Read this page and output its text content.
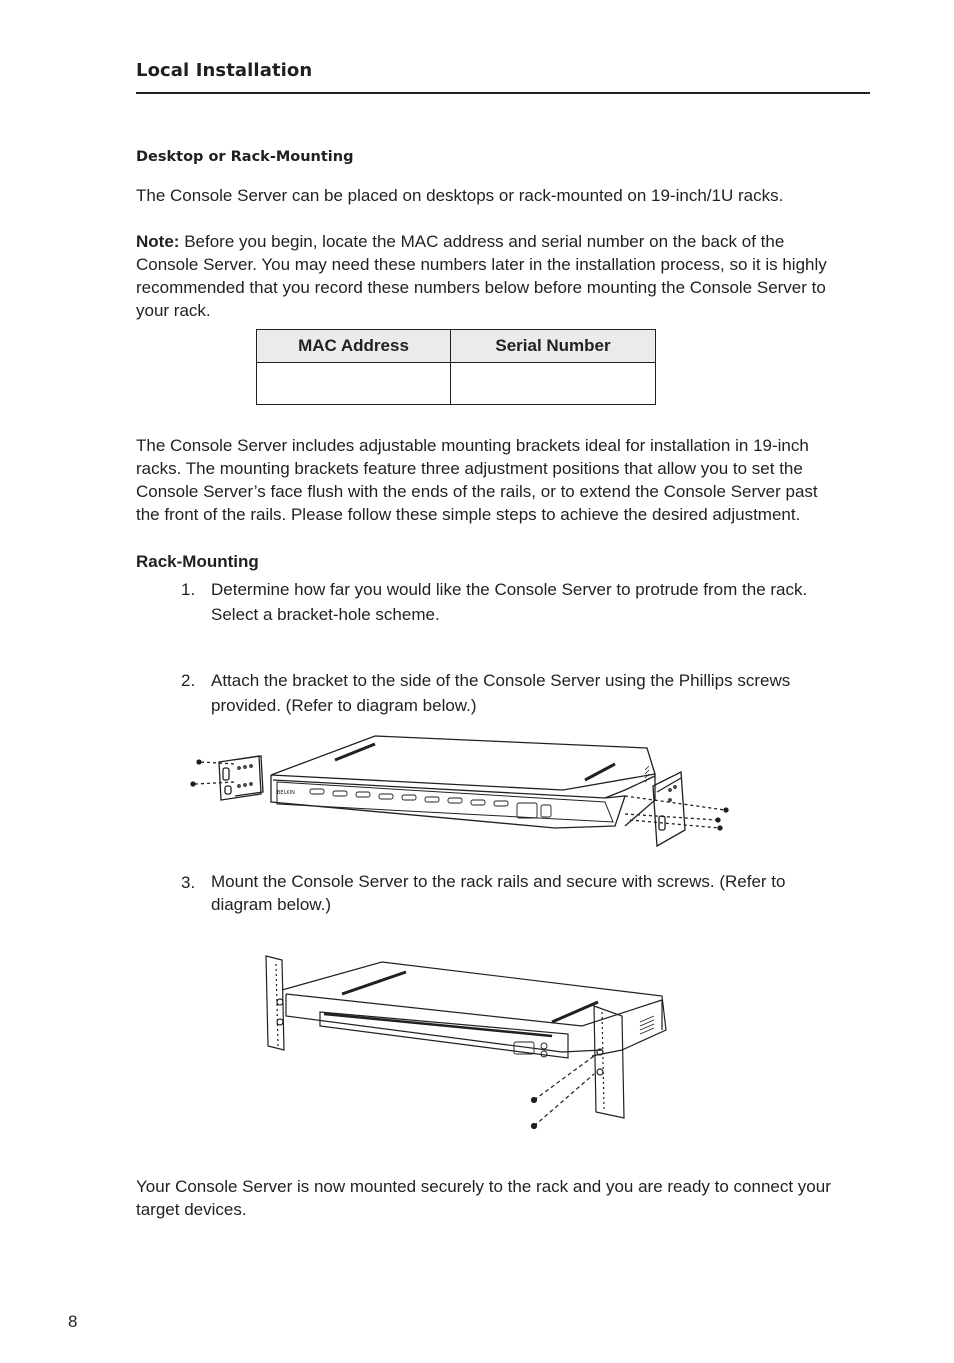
Local Installation
Desktop or Rack-Mounting

The Console Server can be placed on desktops or rack-mounted on 19-inch/1U racks.

Note: Before you begin, locate the MAC address and serial number on the back of the
Console Server. You may need these numbers later in the installation process, so it is highly
recommended that you record these numbers below before mounting the Console Server to
your rack.
MAC Address	Serial Number

The Console Server includes adjustable mounting brackets ideal for installation in 19-inch
racks. The mounting brackets feature three adjustment positions that allow you to set the
Console Server’s face flush with the ends of the rails, or to extend the Console Server past
the front of the rails. Please follow these simple steps to achieve the desired adjustment.
Rack-Mounting
1. Determine how far you would like the Console Server to protrude from the rack.
Select a bracket-hole scheme.
2. Attach the bracket to the side of the Console Server using the Phillips screws
provided. (Refer to diagram below.)
BELKIN
3. Mount the Console Server to the rack rails and secure with screws. (Refer to
diagram below.)
Your Console Server is now mounted securely to the rack and you are ready to connect your
target devices.
8
